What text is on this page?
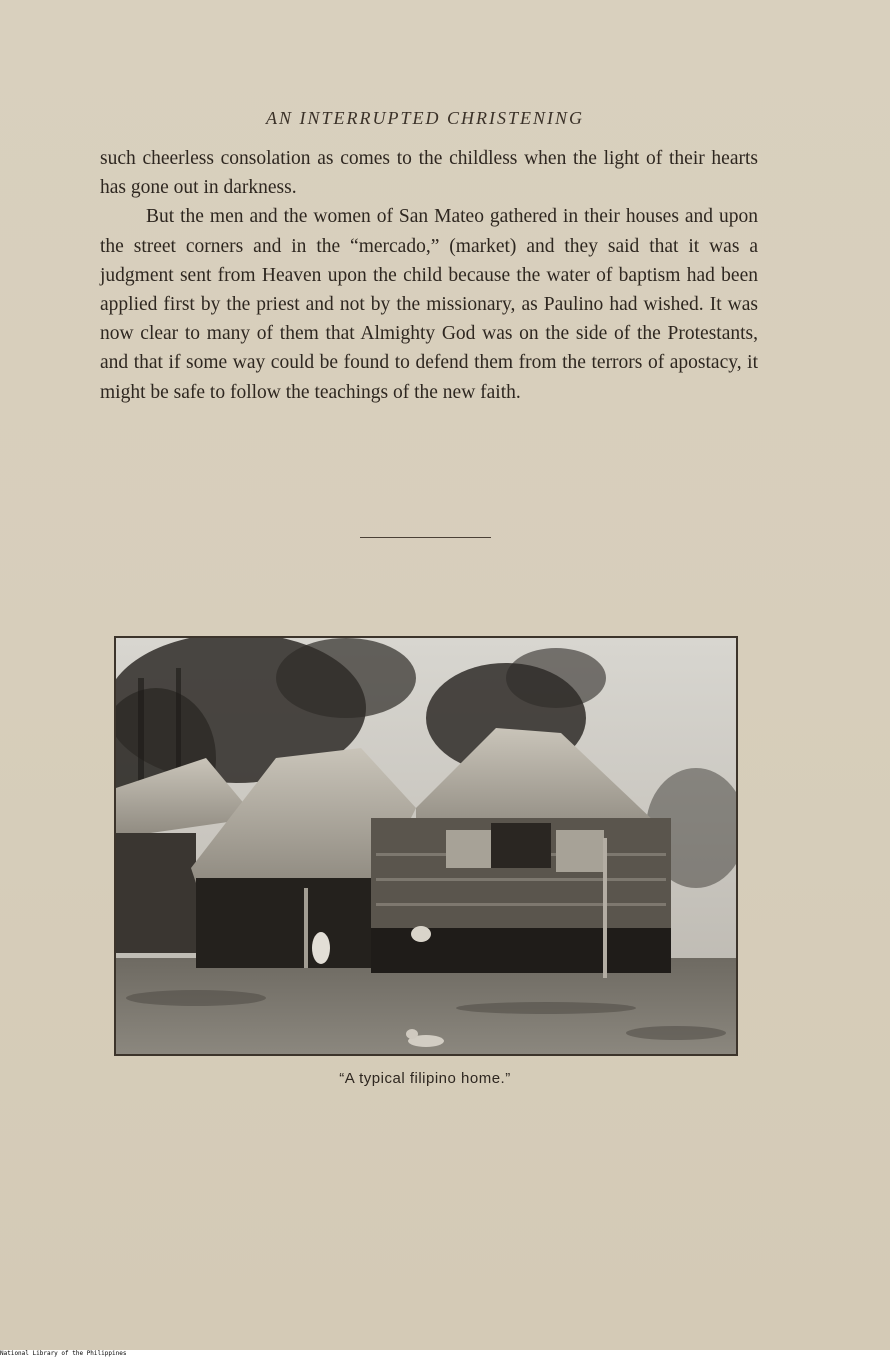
AN INTERRUPTED CHRISTENING

such cheerless consolation as comes to the childless when the light of their hearts has gone out in darkness.

But the men and the women of San Mateo gathered in their houses and upon the street corners and in the “mercado,” (market) and they said that it was a judgment sent from Heaven upon the child because the water of baptism had been applied first by the priest and not by the missionary, as Paulino had wished. It was now clear to many of them that Almighty God was on the side of the Protestants, and that if some way could be found to defend them from the terrors of apostacy, it might be safe to follow the teachings of the new faith.

“A typical filipino home.”
National Library of the Philippines
